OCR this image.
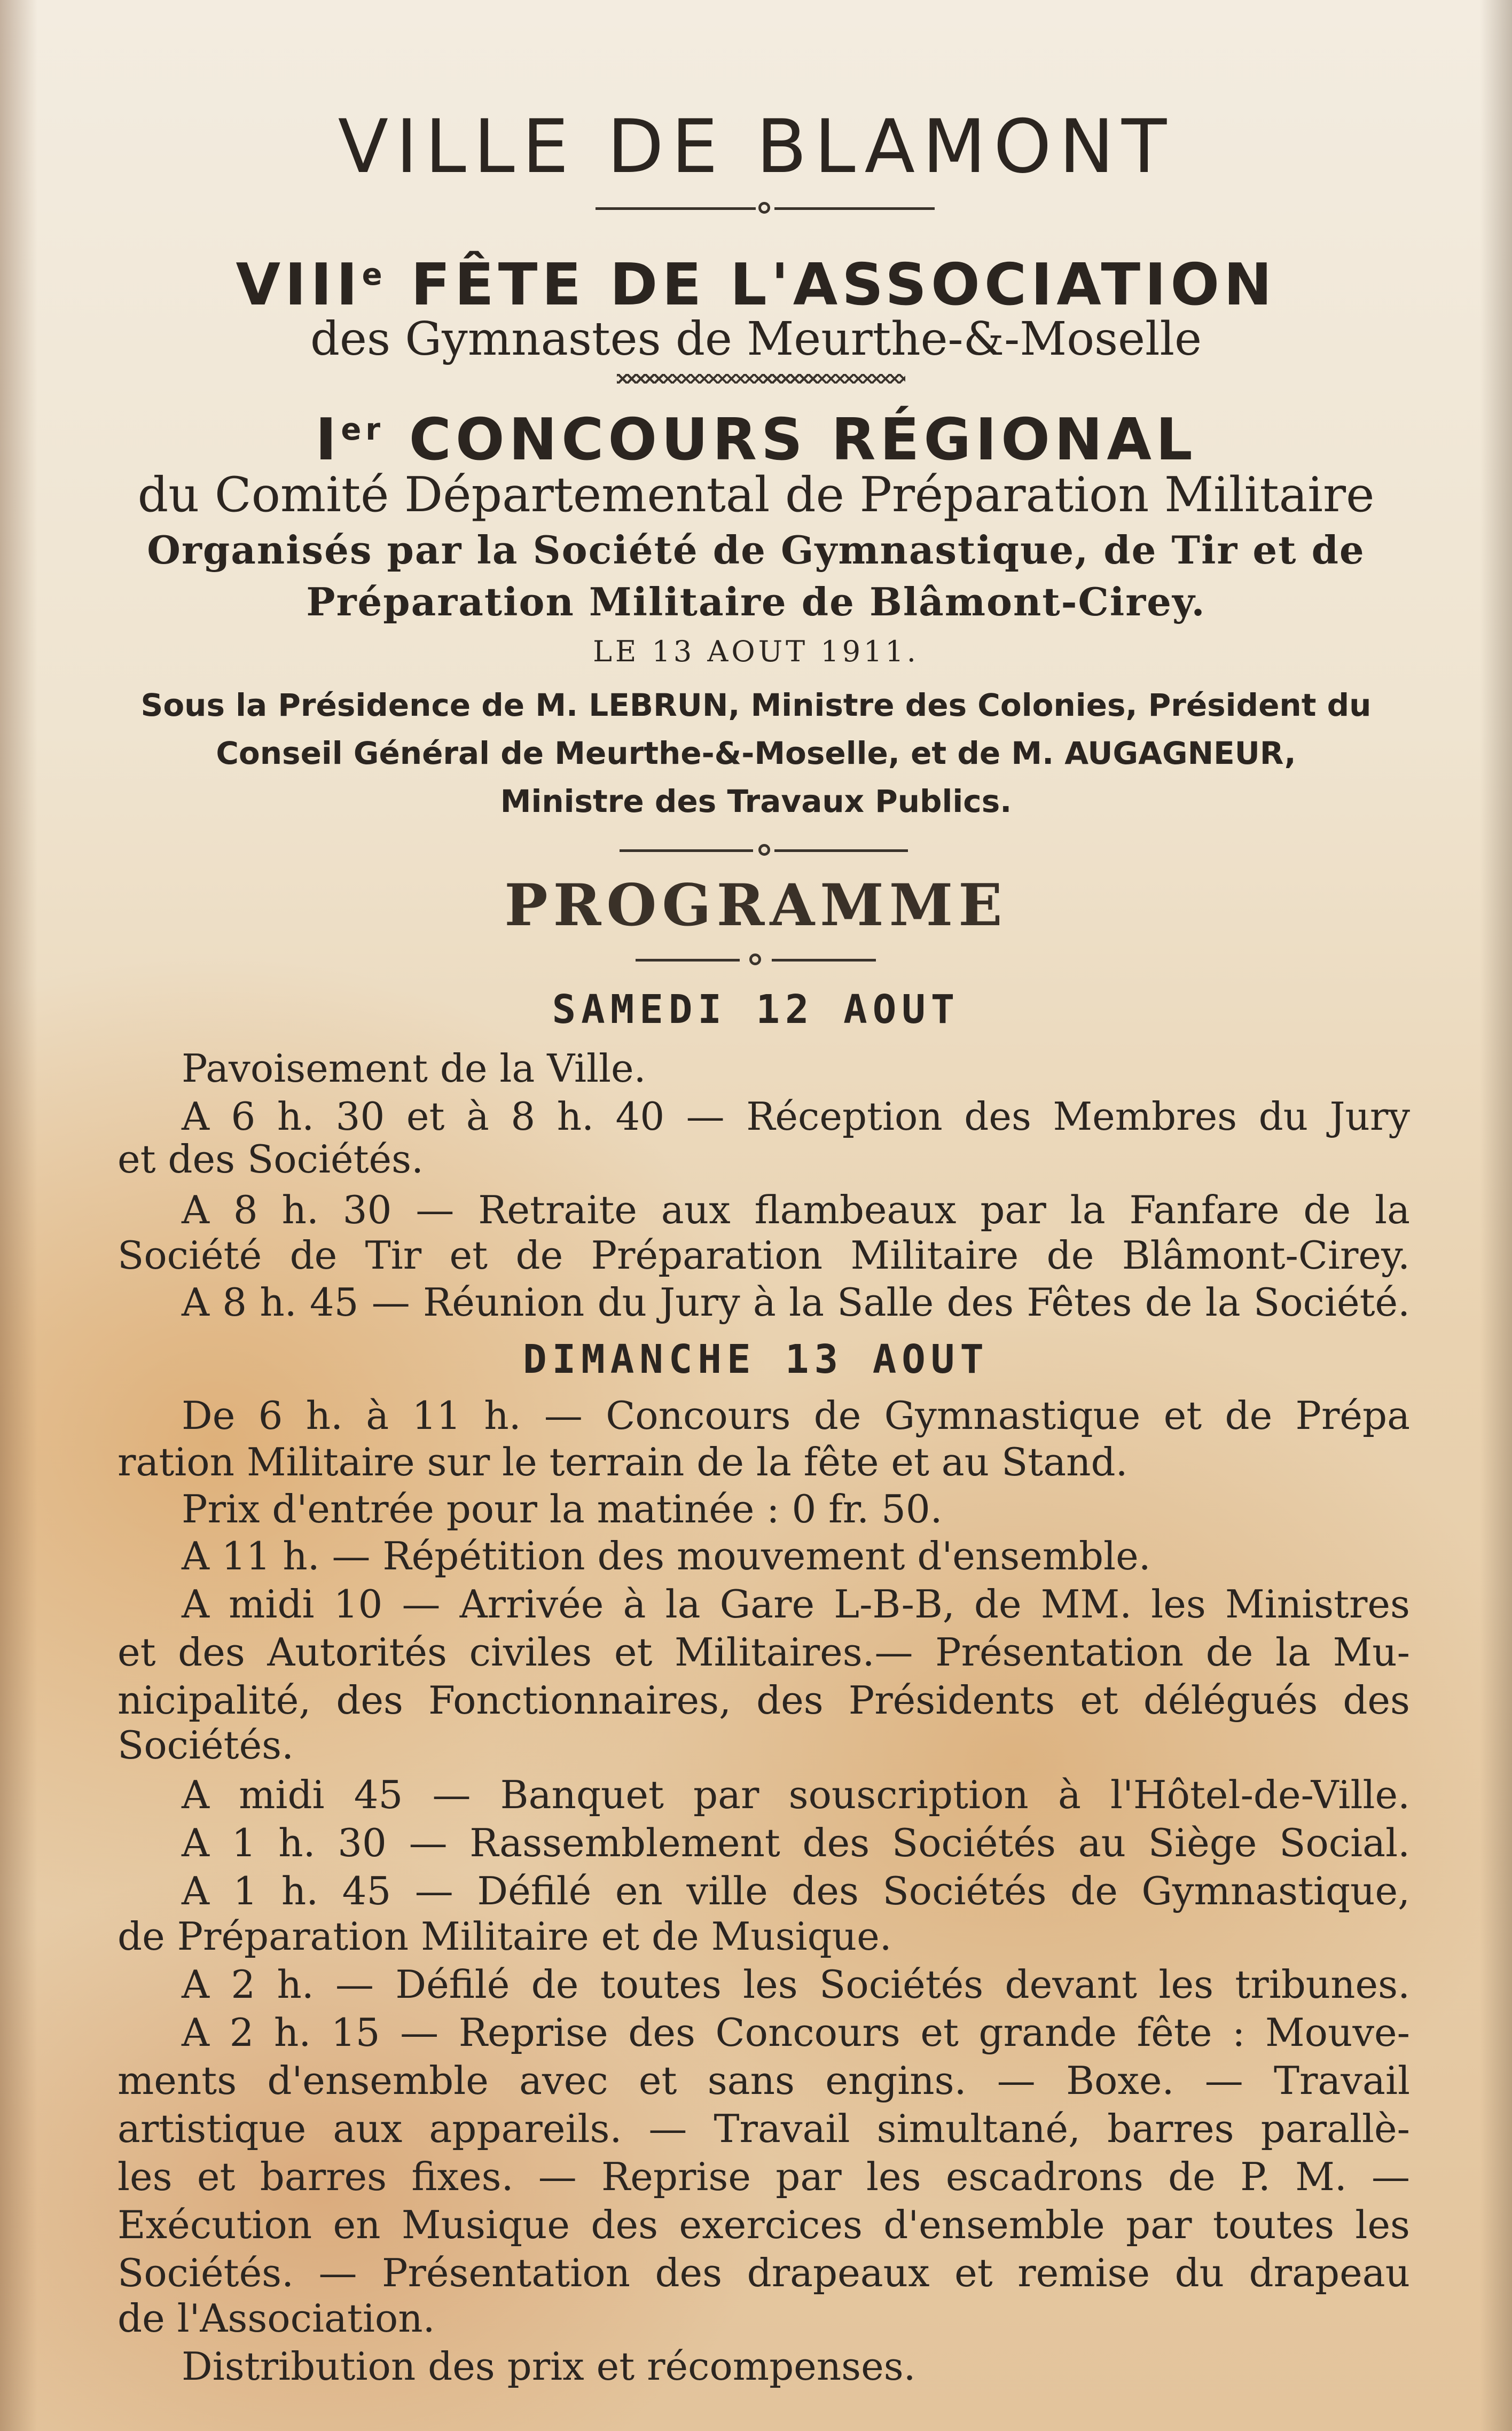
VILLE DE BLAMONT
VIIIe FÊTE DE L'ASSOCIATION
des Gymnastes de Meurthe-&-Moselle
Ier CONCOURS RÉGIONAL
du Comité Départemental de Préparation Militaire
Organisés par la Société de Gymnastique, de Tir et de
Préparation Militaire de Blâmont-Cirey.
LE 13 AOUT 1911.
Sous la Présidence de M. LEBRUN, Ministre des Colonies, Président du
Conseil Général de Meurthe-&-Moselle, et de M. AUGAGNEUR,
Ministre des Travaux Publics.
PROGRAMME
SAMEDI 12 AOUT
Pavoisement de la Ville.
A 6 h. 30 et à 8 h. 40 — Réception des Membres du Jury
et des Sociétés.
A 8 h. 30 — Retraite aux flambeaux par la Fanfare de la
Société de Tir et de Préparation Militaire de Blâmont-Cirey.
A 8 h. 45 — Réunion du Jury à la Salle des Fêtes de la Société.
DIMANCHE 13 AOUT
De 6 h. à 11 h. — Concours de Gymnastique et de Prépa
ration Militaire sur le terrain de la fête et au Stand.
Prix d'entrée pour la matinée : 0 fr. 50.
A 11 h. — Répétition des mouvement d'ensemble.
A midi 10 — Arrivée à la Gare L-B-B, de MM. les Ministres
et des Autorités civiles et Militaires.— Présentation de la Mu-
nicipalité, des Fonctionnaires, des Présidents et délégués des
Sociétés.
A midi 45 — Banquet par souscription à l'Hôtel-de-Ville.
A 1 h. 30 — Rassemblement des Sociétés au Siège Social.
A 1 h. 45 — Défilé en ville des Sociétés de Gymnastique,
de Préparation Militaire et de Musique.
A 2 h. — Défilé de toutes les Sociétés devant les tribunes.
A 2 h. 15 — Reprise des Concours et grande fête : Mouve-
ments d'ensemble avec et sans engins. — Boxe. — Travail
artistique aux appareils. — Travail simultané, barres parallè-
les et barres fixes. — Reprise par les escadrons de P. M. —
Exécution en Musique des exercices d'ensemble par toutes les
Sociétés. — Présentation des drapeaux et remise du drapeau
de l'Association.
Distribution des prix et récompenses.
